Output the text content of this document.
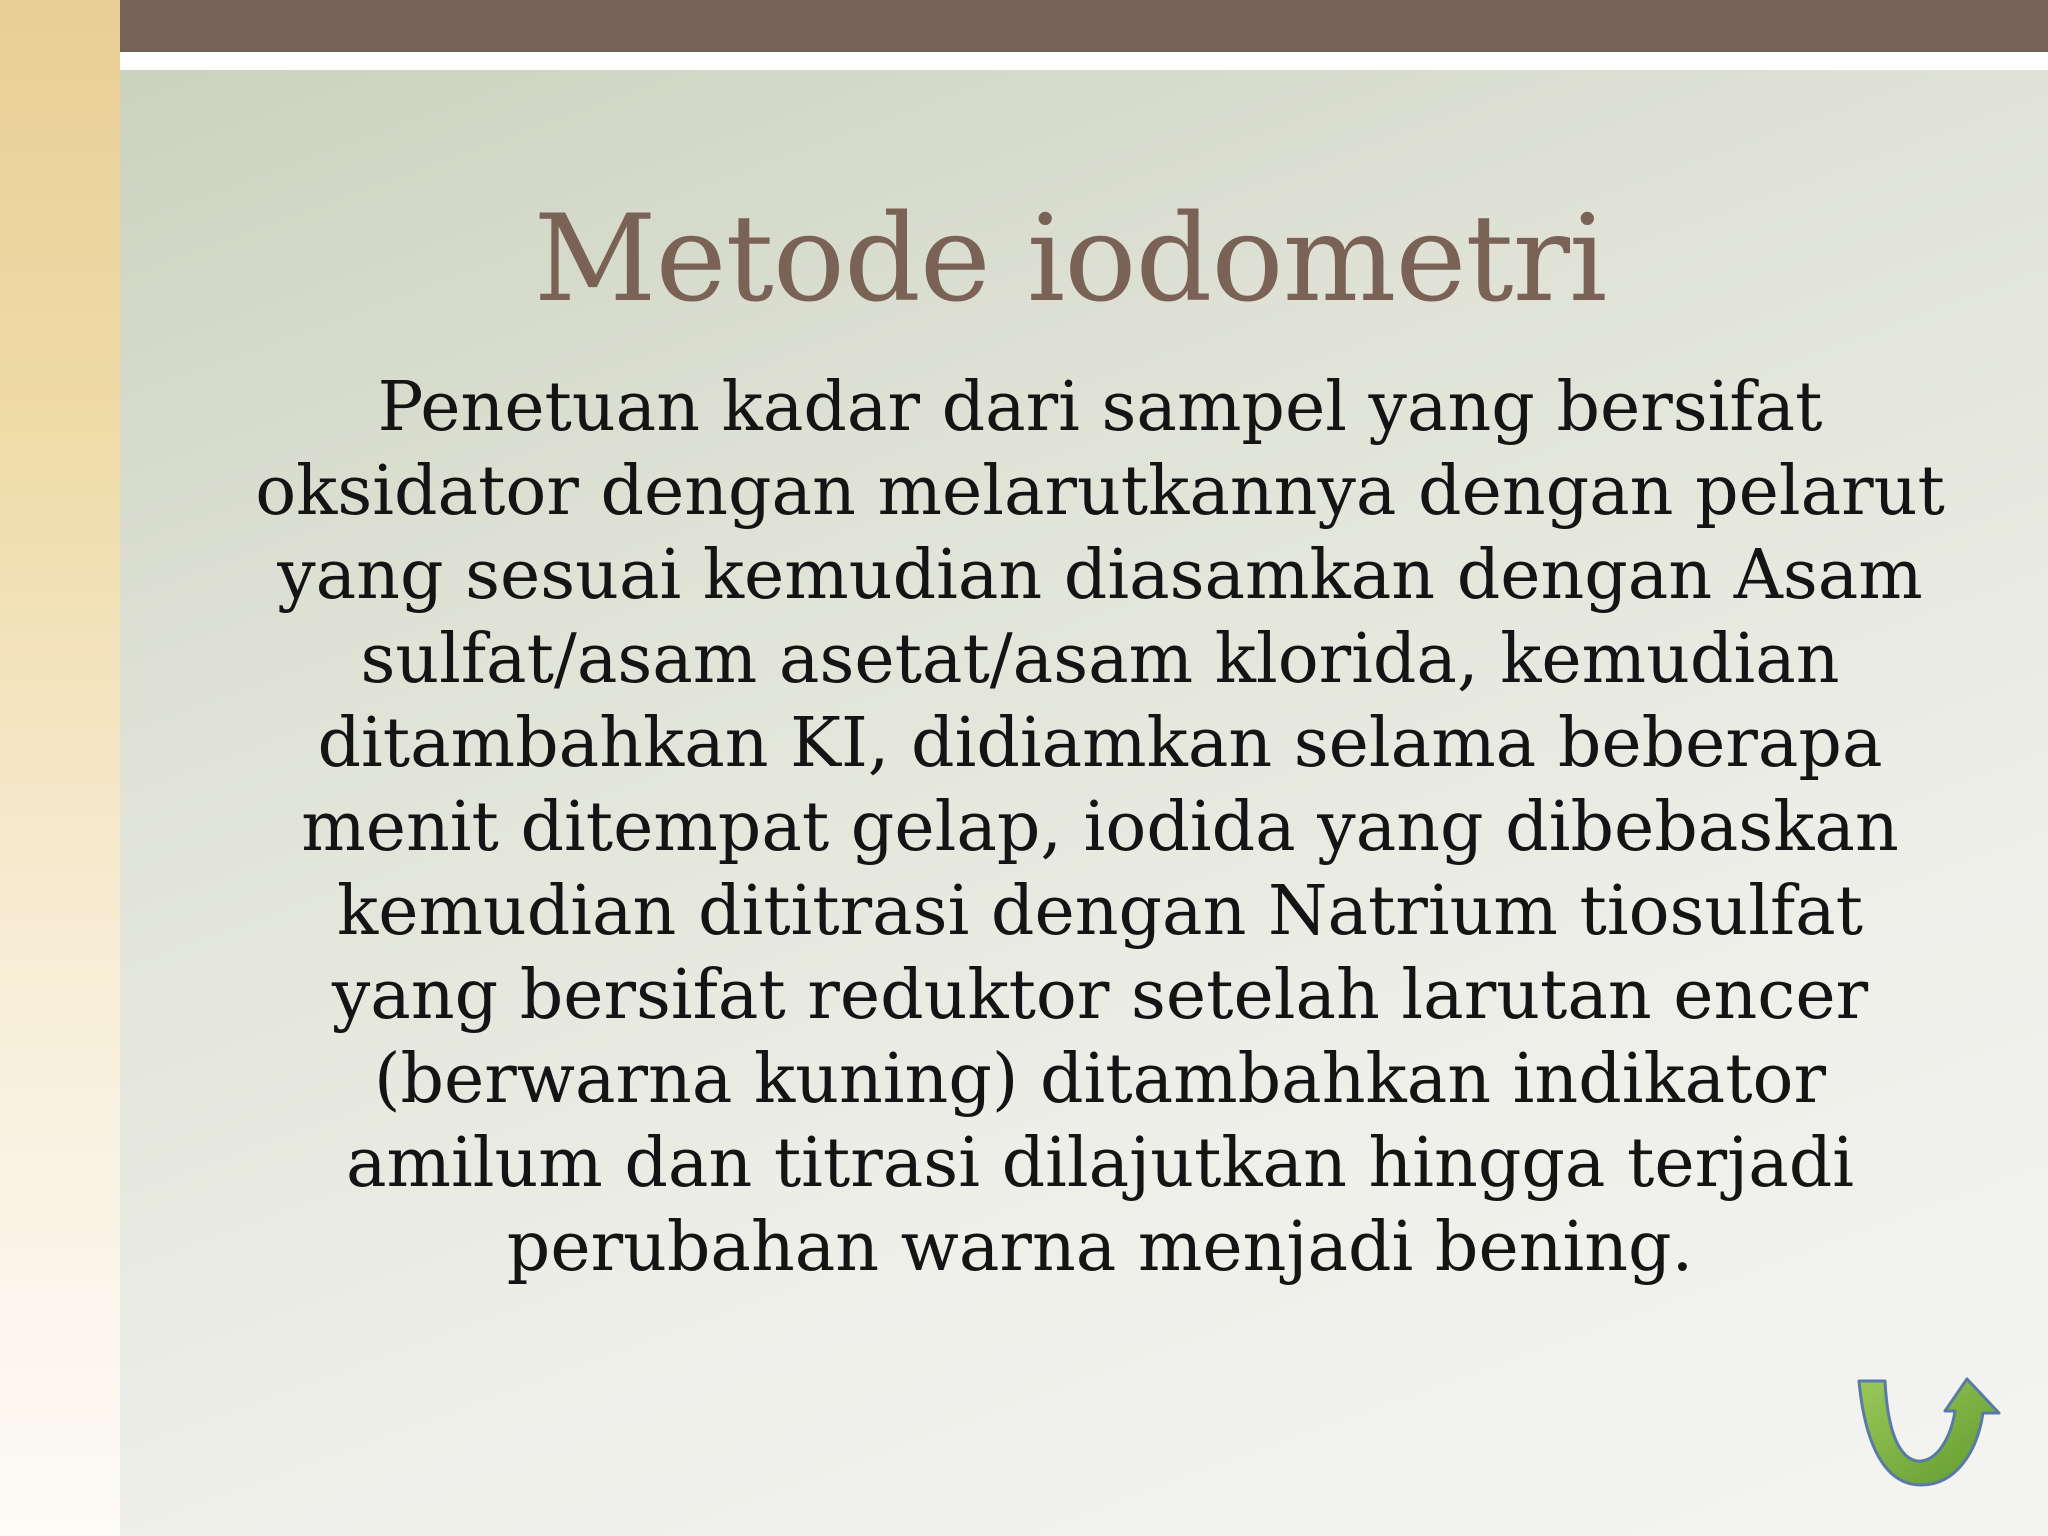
Metode iodometri
Penetuan kadar dari sampel yang bersifat
oksidator dengan melarutkannya dengan pelarut
yang sesuai kemudian diasamkan dengan Asam
sulfat/asam asetat/asam klorida, kemudian
ditambahkan KI, didiamkan selama beberapa
menit ditempat gelap, iodida yang dibebaskan
kemudian dititrasi dengan Natrium tiosulfat
yang bersifat reduktor setelah larutan encer
(berwarna kuning) ditambahkan indikator
amilum dan titrasi dilajutkan hingga terjadi
perubahan warna menjadi bening.
